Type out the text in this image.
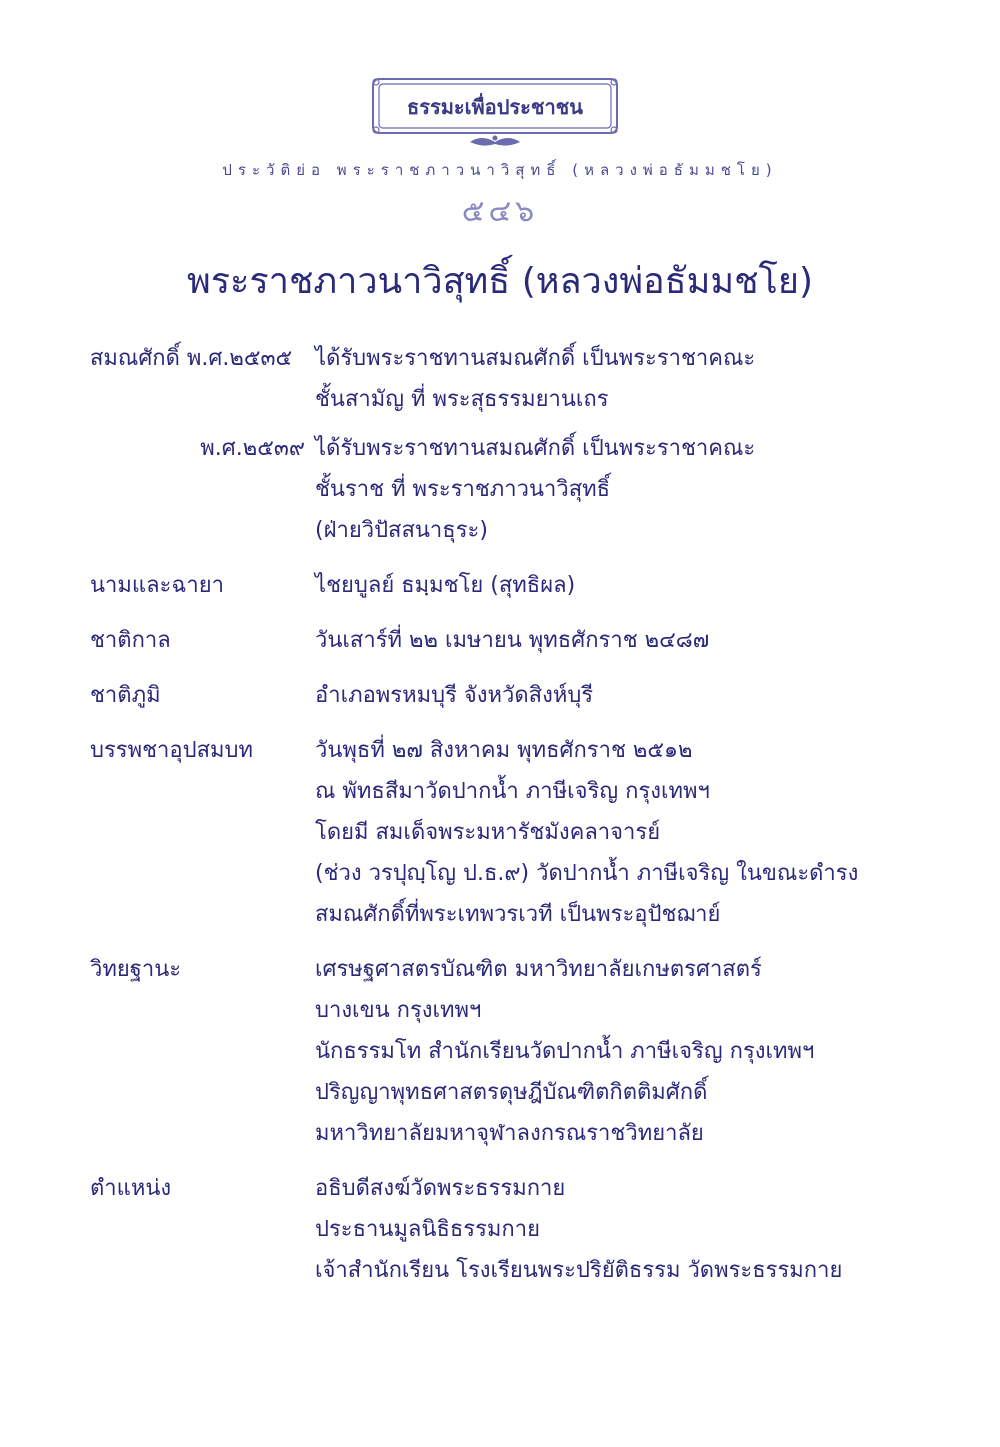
ธรรมะเพื่อประชาชน
ประวัติย่อ พระราชภาวนาวิสุทธิ์ (หลวงพ่อธัมมชโย)
๕๔๖
พระราชภาวนาวิสุทธิ์ (หลวงพ่อธัมมชโย)
สมณศักดิ์ พ.ศ.๒๕๓๕	ได้รับพระราชทานสมณศักดิ์ เป็นพระราชาคณะ
ชั้นสามัญ ที่ พระสุธรรมยานเถร
พ.ศ.๒๕๓๙ ได้รับพระราชทานสมณศักดิ์ เป็นพระราชาคณะ
ชั้นราช ที่ พระราชภาวนาวิสุทธิ์
(ฝ่ายวิปัสสนาธุระ)
นามและฉายา	ไชยบูลย์ ธมฺมชโย (สุทธิผล)
ชาติกาล	วันเสาร์ที่ ๒๒ เมษายน พุทธศักราช ๒๔๘๗
ชาติภูมิ	อำเภอพรหมบุรี จังหวัดสิงห์บุรี
บรรพชาอุปสมบท	วันพุธที่ ๒๗ สิงหาคม พุทธศักราช ๒๕๑๒
ณ พัทธสีมาวัดปากน้ำ ภาษีเจริญ กรุงเทพฯ
โดยมี สมเด็จพระมหารัชมังคลาจารย์
(ช่วง วรปุญฺโญ ป.ธ.๙) วัดปากน้ำ ภาษีเจริญ ในขณะดำรง
สมณศักดิ์ที่พระเทพวรเวที เป็นพระอุปัชฌาย์
วิทยฐานะ	เศรษฐศาสตรบัณฑิต มหาวิทยาลัยเกษตรศาสตร์
บางเขน กรุงเทพฯ
นักธรรมโท สำนักเรียนวัดปากน้ำ ภาษีเจริญ กรุงเทพฯ
ปริญญาพุทธศาสตรดุษฎีบัณฑิตกิตติมศักดิ์
มหาวิทยาลัยมหาจุฬาลงกรณราชวิทยาลัย
ตำแหน่ง	อธิบดีสงฆ์วัดพระธรรมกาย
ประธานมูลนิธิธรรมกาย
เจ้าสำนักเรียน โรงเรียนพระปริยัติธรรม วัดพระธรรมกาย
